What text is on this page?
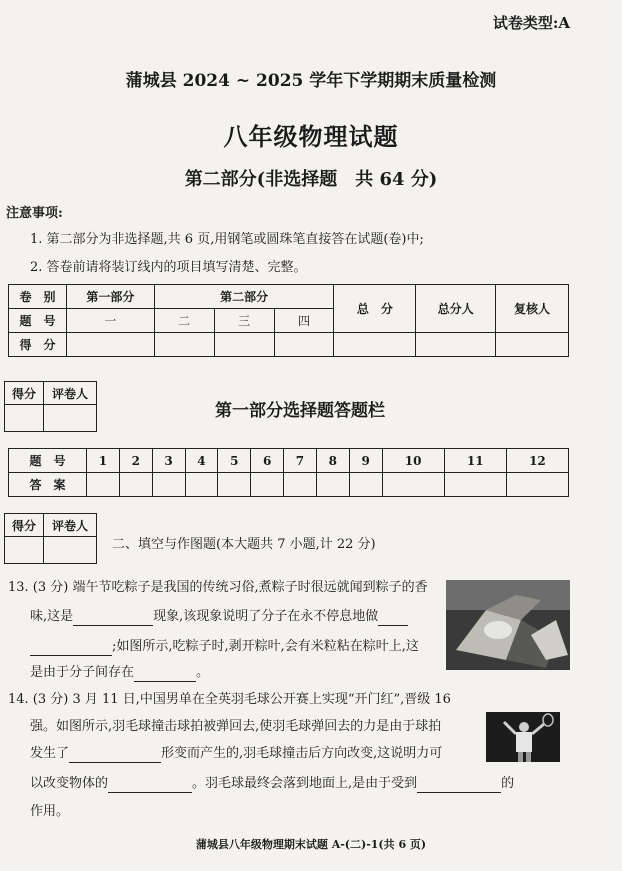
试卷类型:A
蒲城县 2024 ~ 2025 学年下学期期末质量检测
八年级物理试题
第二部分(非选择题　共 64 分)
注意事项:
1. 第二部分为非选择题,共 6 页,用钢笔或圆珠笔直接答在试题(卷)中;
2. 答卷前请将装订线内的项目填写清楚、完整。
卷　别	第一部分	第二部分			总　分	总分人	复核人
题　号	一	二	三	四			
得　分							
得分	评卷人

第一部分选择题答题栏
题　号	1	2	3	4	5	6	7	8	9	10	11	12
答　案												
得分	评卷人

二、填空与作图题(本大题共 7 小题,计 22 分)
13. (3 分) 端午节吃粽子是我国的传统习俗,煮粽子时很远就闻到粽子的香
味,这是	现象,该现象说明了分子在永不停息地做
;如图所示,吃粽子时,剥开粽叶,会有米粒粘在粽叶上,这
是由于分子间存在	。
14. (3 分) 3 月 11 日,中国男单在全英羽毛球公开赛上实现“开门红”,晋级 16
强。如图所示,羽毛球撞击球拍被弹回去,使羽毛球弹回去的力是由于球拍
发生了	形变而产生的,羽毛球撞击后方向改变,这说明力可
以改变物体的	。羽毛球最终会落到地面上,是由于受到	的
作用。
蒲城县八年级物理期末试题 A-(二)-1(共 6 页)
